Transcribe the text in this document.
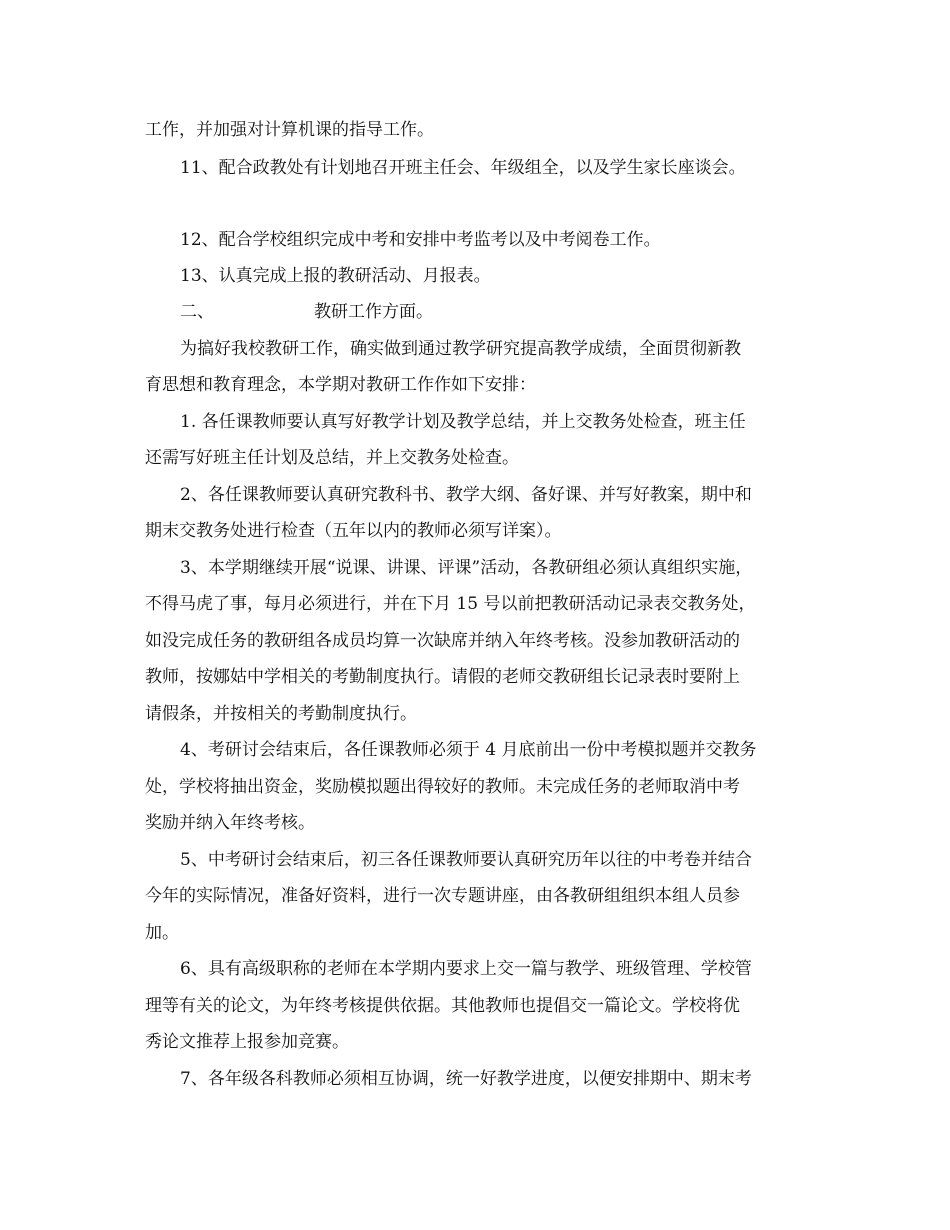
工作，并加强对计算机课的指导工作。
11、配合政教处有计划地召开班主任会、年级组全，以及学生家长座谈会。
12、配合学校组织完成中考和安排中考监考以及中考阅卷工作。
13、认真完成上报的教研活动、月报表。
二、	教研工作方面。
为搞好我校教研工作，确实做到通过教学研究提高教学成绩，全面贯彻新教
育思想和教育理念，本学期对教研工作作如下安排：
1. 各任课教师要认真写好教学计划及教学总结，并上交教务处检查，班主任
还需写好班主任计划及总结，并上交教务处检查。
2、各任课教师要认真研究教科书、教学大纲、备好课、并写好教案，期中和
期末交教务处进行检查（五年以内的教师必须写详案）。
3、本学期继续开展“说课、讲课、评课”活动，各教研组必须认真组织实施，
不得马虎了事，每月必须进行，并在下月 15 号以前把教研活动记录表交教务处，
如没完成任务的教研组各成员均算一次缺席并纳入年终考核。没参加教研活动的
教师，按娜姑中学相关的考勤制度执行。请假的老师交教研组长记录表时要附上
请假条，并按相关的考勤制度执行。
4、考研讨会结束后，各任课教师必须于 4 月底前出一份中考模拟题并交教务
处，学校将抽出资金，奖励模拟题出得较好的教师。未完成任务的老师取消中考
奖励并纳入年终考核。
5、中考研讨会结束后，初三各任课教师要认真研究历年以往的中考卷并结合
今年的实际情况，准备好资料，进行一次专题讲座，由各教研组组织本组人员参
加。
6、具有高级职称的老师在本学期内要求上交一篇与教学、班级管理、学校管
理等有关的论文，为年终考核提供依据。其他教师也提倡交一篇论文。学校将优
秀论文推荐上报参加竞赛。
7、各年级各科教师必须相互协调，统一好教学进度，以便安排期中、期末考
